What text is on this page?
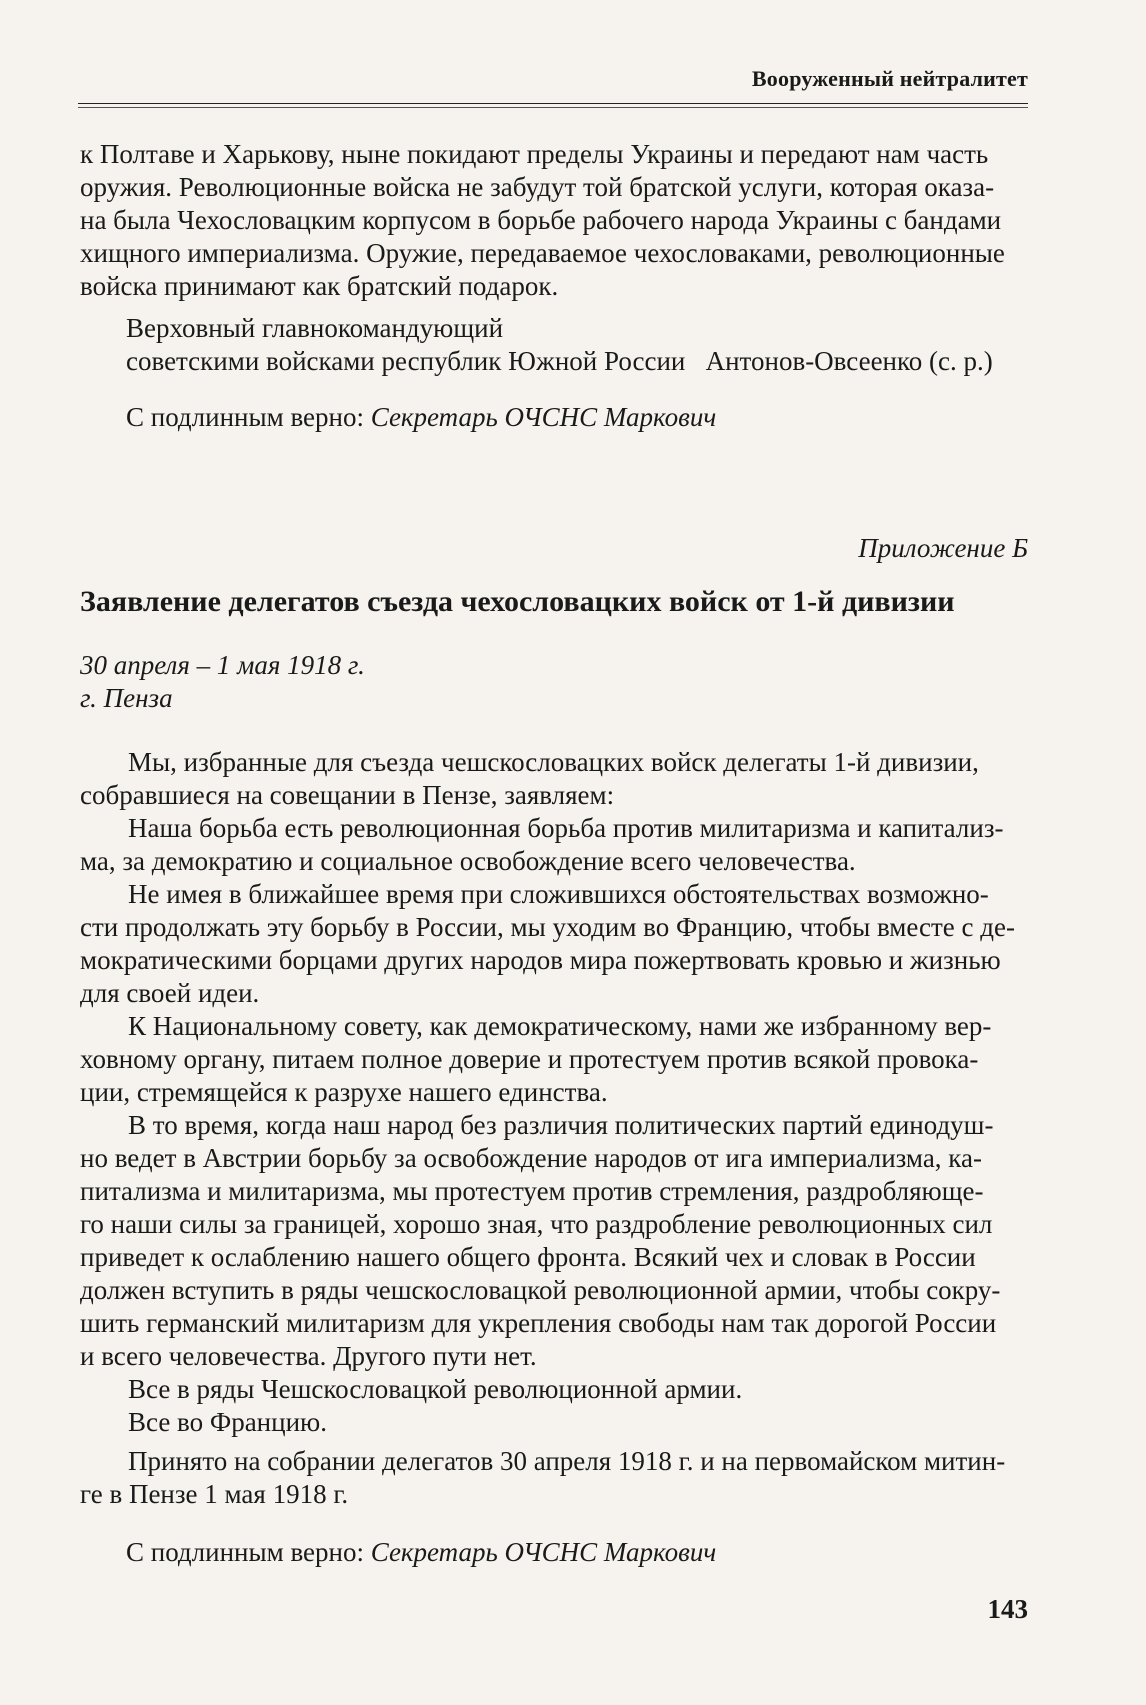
Вооруженный нейтралитет
к Полтаве и Харькову, ныне покидают пределы Украины и передают нам часть
оружия. Революционные войска не забудут той братской услуги, которая оказа-
на была Чехословацким корпусом в борьбе рабочего народа Украины с бандами
хищного империализма. Оружие, передаваемое чехословаками, революционные
войска принимают как братский подарок.
Верховный главнокомандующий
советскими войсками республик Южной России   Антонов-Овсеенко (с. р.)
С подлинным верно: Секретарь ОЧСНС Маркович
Приложение Б
Заявление делегатов съезда чехословацких войск от 1-й дивизии
30 апреля – 1 мая 1918 г.
г. Пенза
Мы, избранные для съезда чешскословацких войск делегаты 1-й дивизии,
собравшиеся на совещании в Пензе, заявляем:
Наша борьба есть революционная борьба против милитаризма и капитализ-
ма, за демократию и социальное освобождение всего человечества.
Не имея в ближайшее время при сложившихся обстоятельствах возможно-
сти продолжать эту борьбу в России, мы уходим во Францию, чтобы вместе с де-
мократическими борцами других народов мира пожертвовать кровью и жизнью
для своей идеи.
К Национальному совету, как демократическому, нами же избранному вер-
ховному органу, питаем полное доверие и протестуем против всякой провока-
ции, стремящейся к разрухе нашего единства.
В то время, когда наш народ без различия политических партий единодуш-
но ведет в Австрии борьбу за освобождение народов от ига империализма, ка-
питализма и милитаризма, мы протестуем против стремления, раздробляюще-
го наши силы за границей, хорошо зная, что раздробление революционных сил
приведет к ослаблению нашего общего фронта. Всякий чех и словак в России
должен вступить в ряды чешскословацкой революционной армии, чтобы сокру-
шить германский милитаризм для укрепления свободы нам так дорогой России
и всего человечества. Другого пути нет.
Все в ряды Чешскословацкой революционной армии.
Все во Францию.
Принято на собрании делегатов 30 апреля 1918 г. и на первомайском митин-
ге в Пензе 1 мая 1918 г.
С подлинным верно: Секретарь ОЧСНС Маркович
143
